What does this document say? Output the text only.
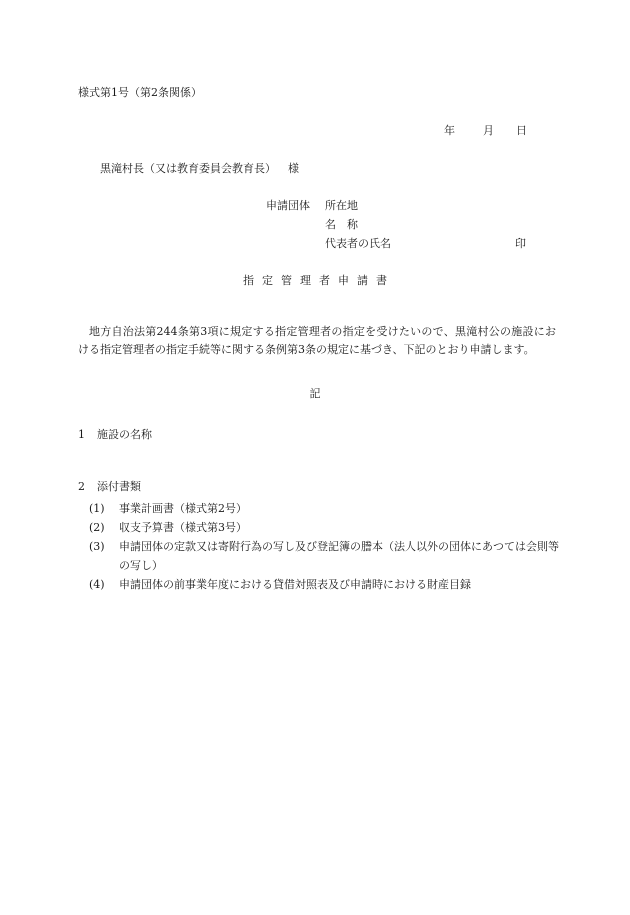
様式第1号（第2条関係）
年	月 日
黒滝村長（又は教育委員会教育長） 様
申請団体 所在地
名　称
代表者の氏名	印
指定管理者申請書
地方自治法第244条第3項に規定する指定管理者の指定を受けたいので、黒滝村公の施設における指定管理者の指定手続等に関する条例第3条の規定に基づき、下記のとおり申請します。
記
1 施設の名称
2 添付書類
(1)	事業計画書（様式第2号）
(2)	収支予算書（様式第3号）
(3)	申請団体の定款又は寄附行為の写し及び登記簿の謄本（法人以外の団体にあつては会則等の写し）
(4)	申請団体の前事業年度における貸借対照表及び申請時における財産目録
